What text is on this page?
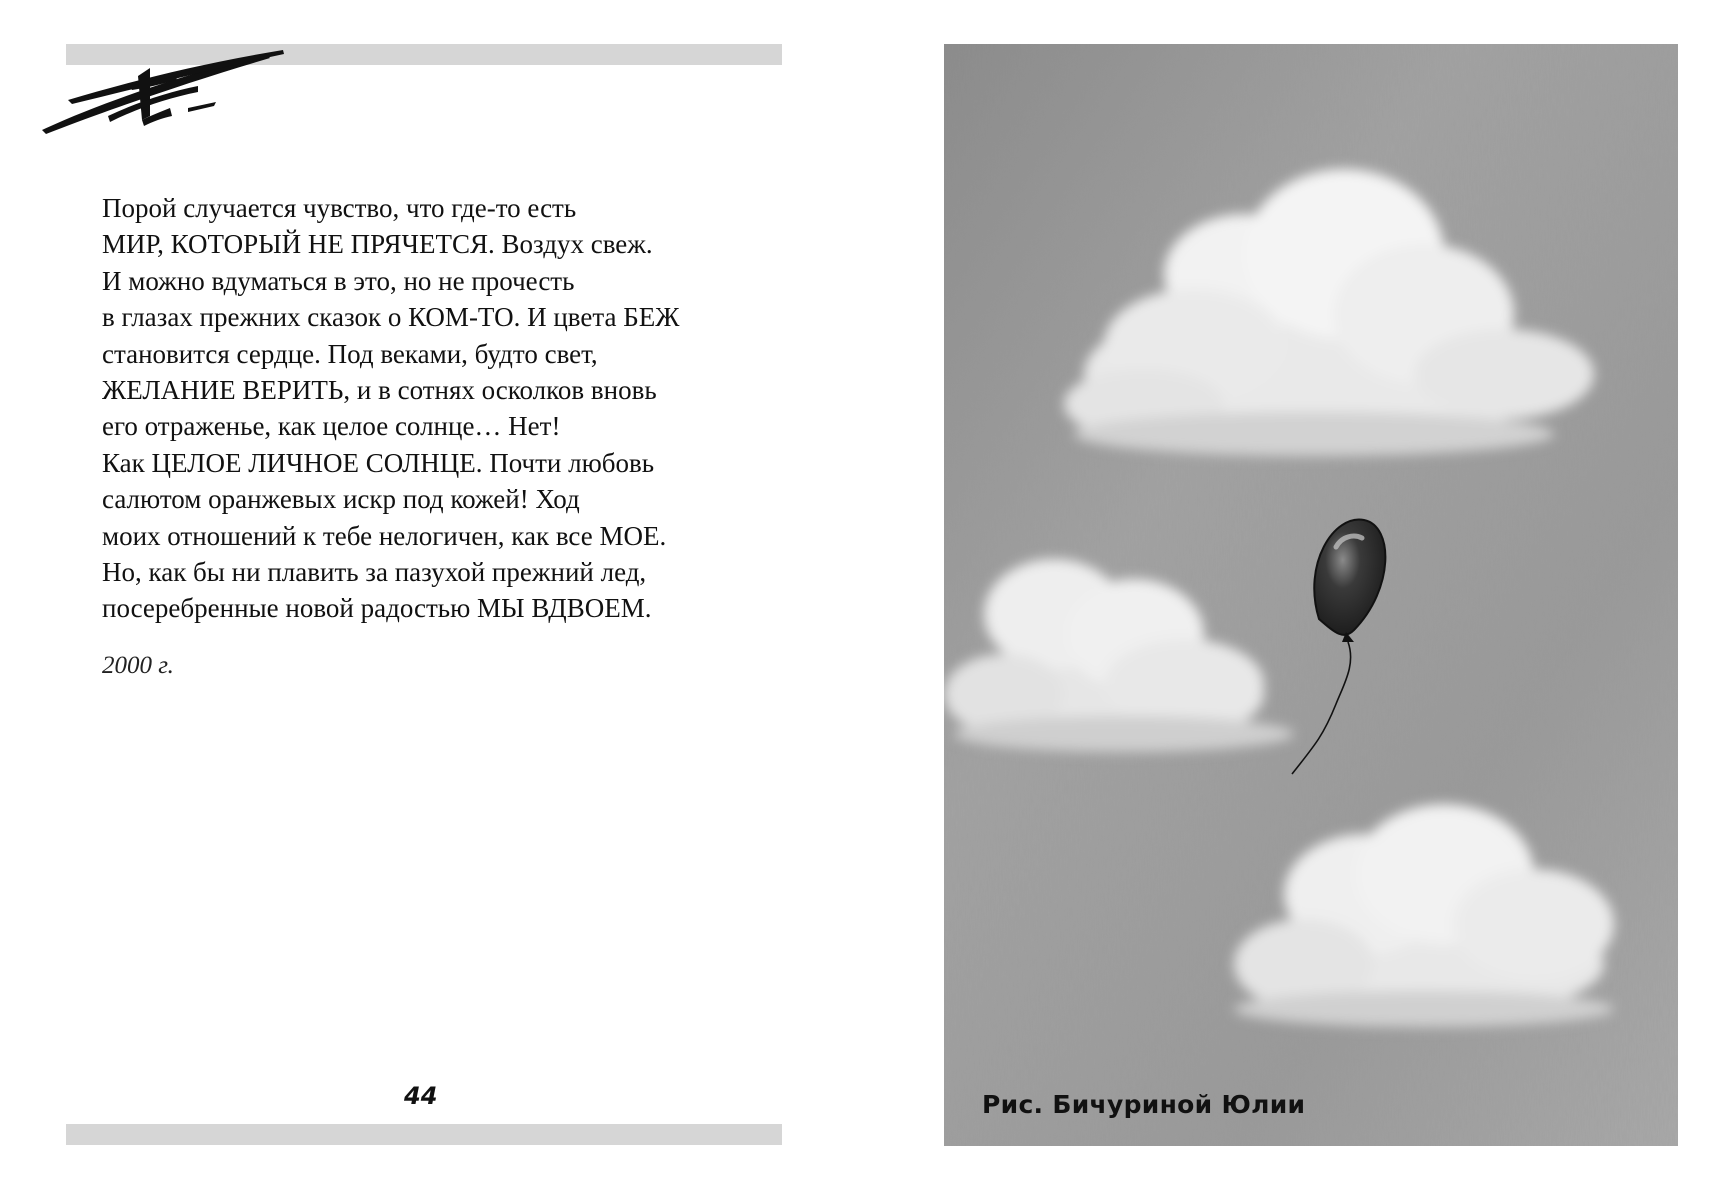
Порой случается чувство, что где-то есть
МИР, КОТОРЫЙ НЕ ПРЯЧЕТСЯ. Воздух свеж.
И можно вдуматься в это, но не прочесть
в глазах прежних сказок о КОМ-ТО. И цвета БЕЖ
становится сердце. Под веками, будто свет,
ЖЕЛАНИЕ ВЕРИТЬ, и в сотнях осколков вновь
его отраженье, как целое солнце… Нет!
Как ЦЕЛОЕ ЛИЧНОЕ СОЛНЦЕ. Почти любовь
салютом оранжевых искр под кожей! Ход
моих отношений к тебе нелогичен, как все МОЕ.
Но, как бы ни плавить за пазухой прежний лед,
посеребренные новой радостью МЫ ВДВОЕМ.
2000 г.
44	Рис. Бичуриной Юлии
